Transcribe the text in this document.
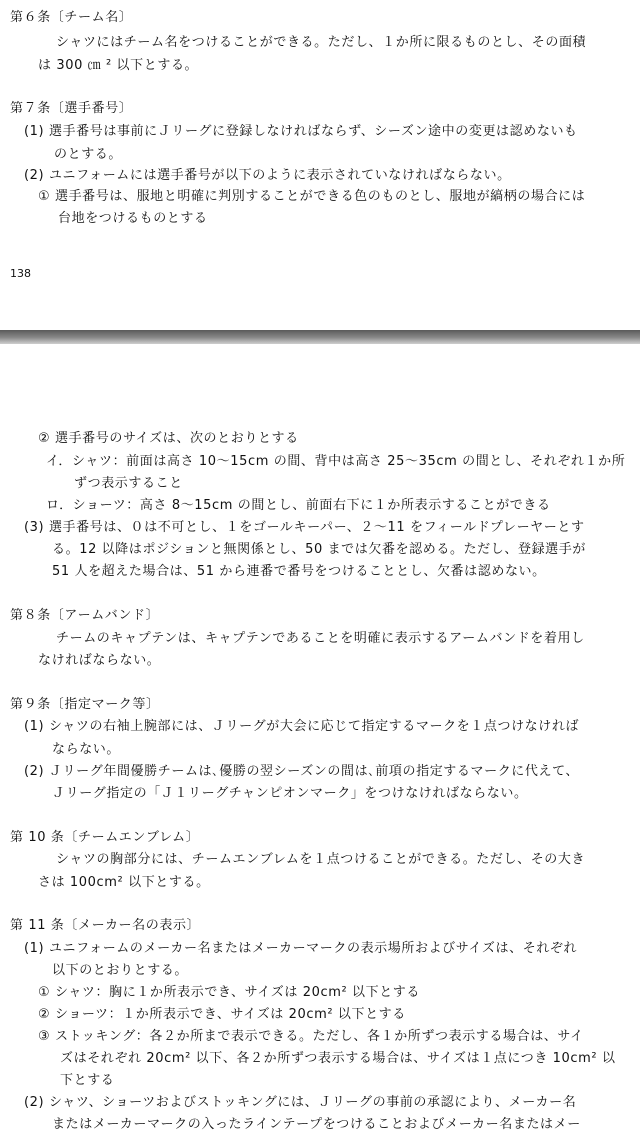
第６条〔チーム名〕
シャツにはチーム名をつけることができる。ただし、１か所に限るものとし、その面積
は 300 ㎝ ² 以下とする。
第７条〔選手番号〕
(1) 選手番号は事前にＪリーグに登録しなければならず、シーズン途中の変更は認めないも
のとする。
(2) ユニフォームには選手番号が以下のように表示されていなければならない。
① 選手番号は、服地と明確に判別することができる色のものとし、服地が縞柄の場合には
台地をつけるものとする
138
② 選手番号のサイズは、次のとおりとする
イ．シャツ：前面は高さ 10～15cm の間、背中は高さ 25～35cm の間とし、それぞれ１か所
ずつ表示すること
ロ．ショーツ：高さ 8～15cm の間とし、前面右下に１か所表示することができる
(3) 選手番号は、０は不可とし、１をゴールキーパー、２～11 をフィールドプレーヤーとす
る。12 以降はポジションと無関係とし、50 までは欠番を認める。ただし、登録選手が
51 人を超えた場合は、51 から連番で番号をつけることとし、欠番は認めない。
第８条〔アームバンド〕
チームのキャプテンは、キャプテンであることを明確に表示するアームバンドを着用し
なければならない。
第９条〔指定マーク等〕
(1) シャツの右袖上腕部には、Ｊリーグが大会に応じて指定するマークを１点つけなければ
ならない。
(2) Ｊリーグ年間優勝チームは､優勝の翌シーズンの間は､前項の指定するマークに代えて、
Ｊリーグ指定の「Ｊ１リーグチャンピオンマーク」をつけなければならない。
第 10 条〔チームエンブレム〕
シャツの胸部分には、チームエンブレムを１点つけることができる。ただし、その大き
さは 100cm² 以下とする。
第 11 条〔メーカー名の表示〕
(1) ユニフォームのメーカー名またはメーカーマークの表示場所およびサイズは、それぞれ
以下のとおりとする。
① シャツ：胸に１か所表示でき、サイズは 20cm² 以下とする
② ショーツ：１か所表示でき、サイズは 20cm² 以下とする
③ ストッキング：各２か所まで表示できる。ただし、各１か所ずつ表示する場合は、サイ
ズはそれぞれ 20cm² 以下、各２か所ずつ表示する場合は、サイズは１点につき 10cm² 以
下とする
(2) シャツ、ショーツおよびストッキングには、Ｊリーグの事前の承認により、メーカー名
またはメーカーマークの入ったラインテープをつけることおよびメーカー名またはメー
